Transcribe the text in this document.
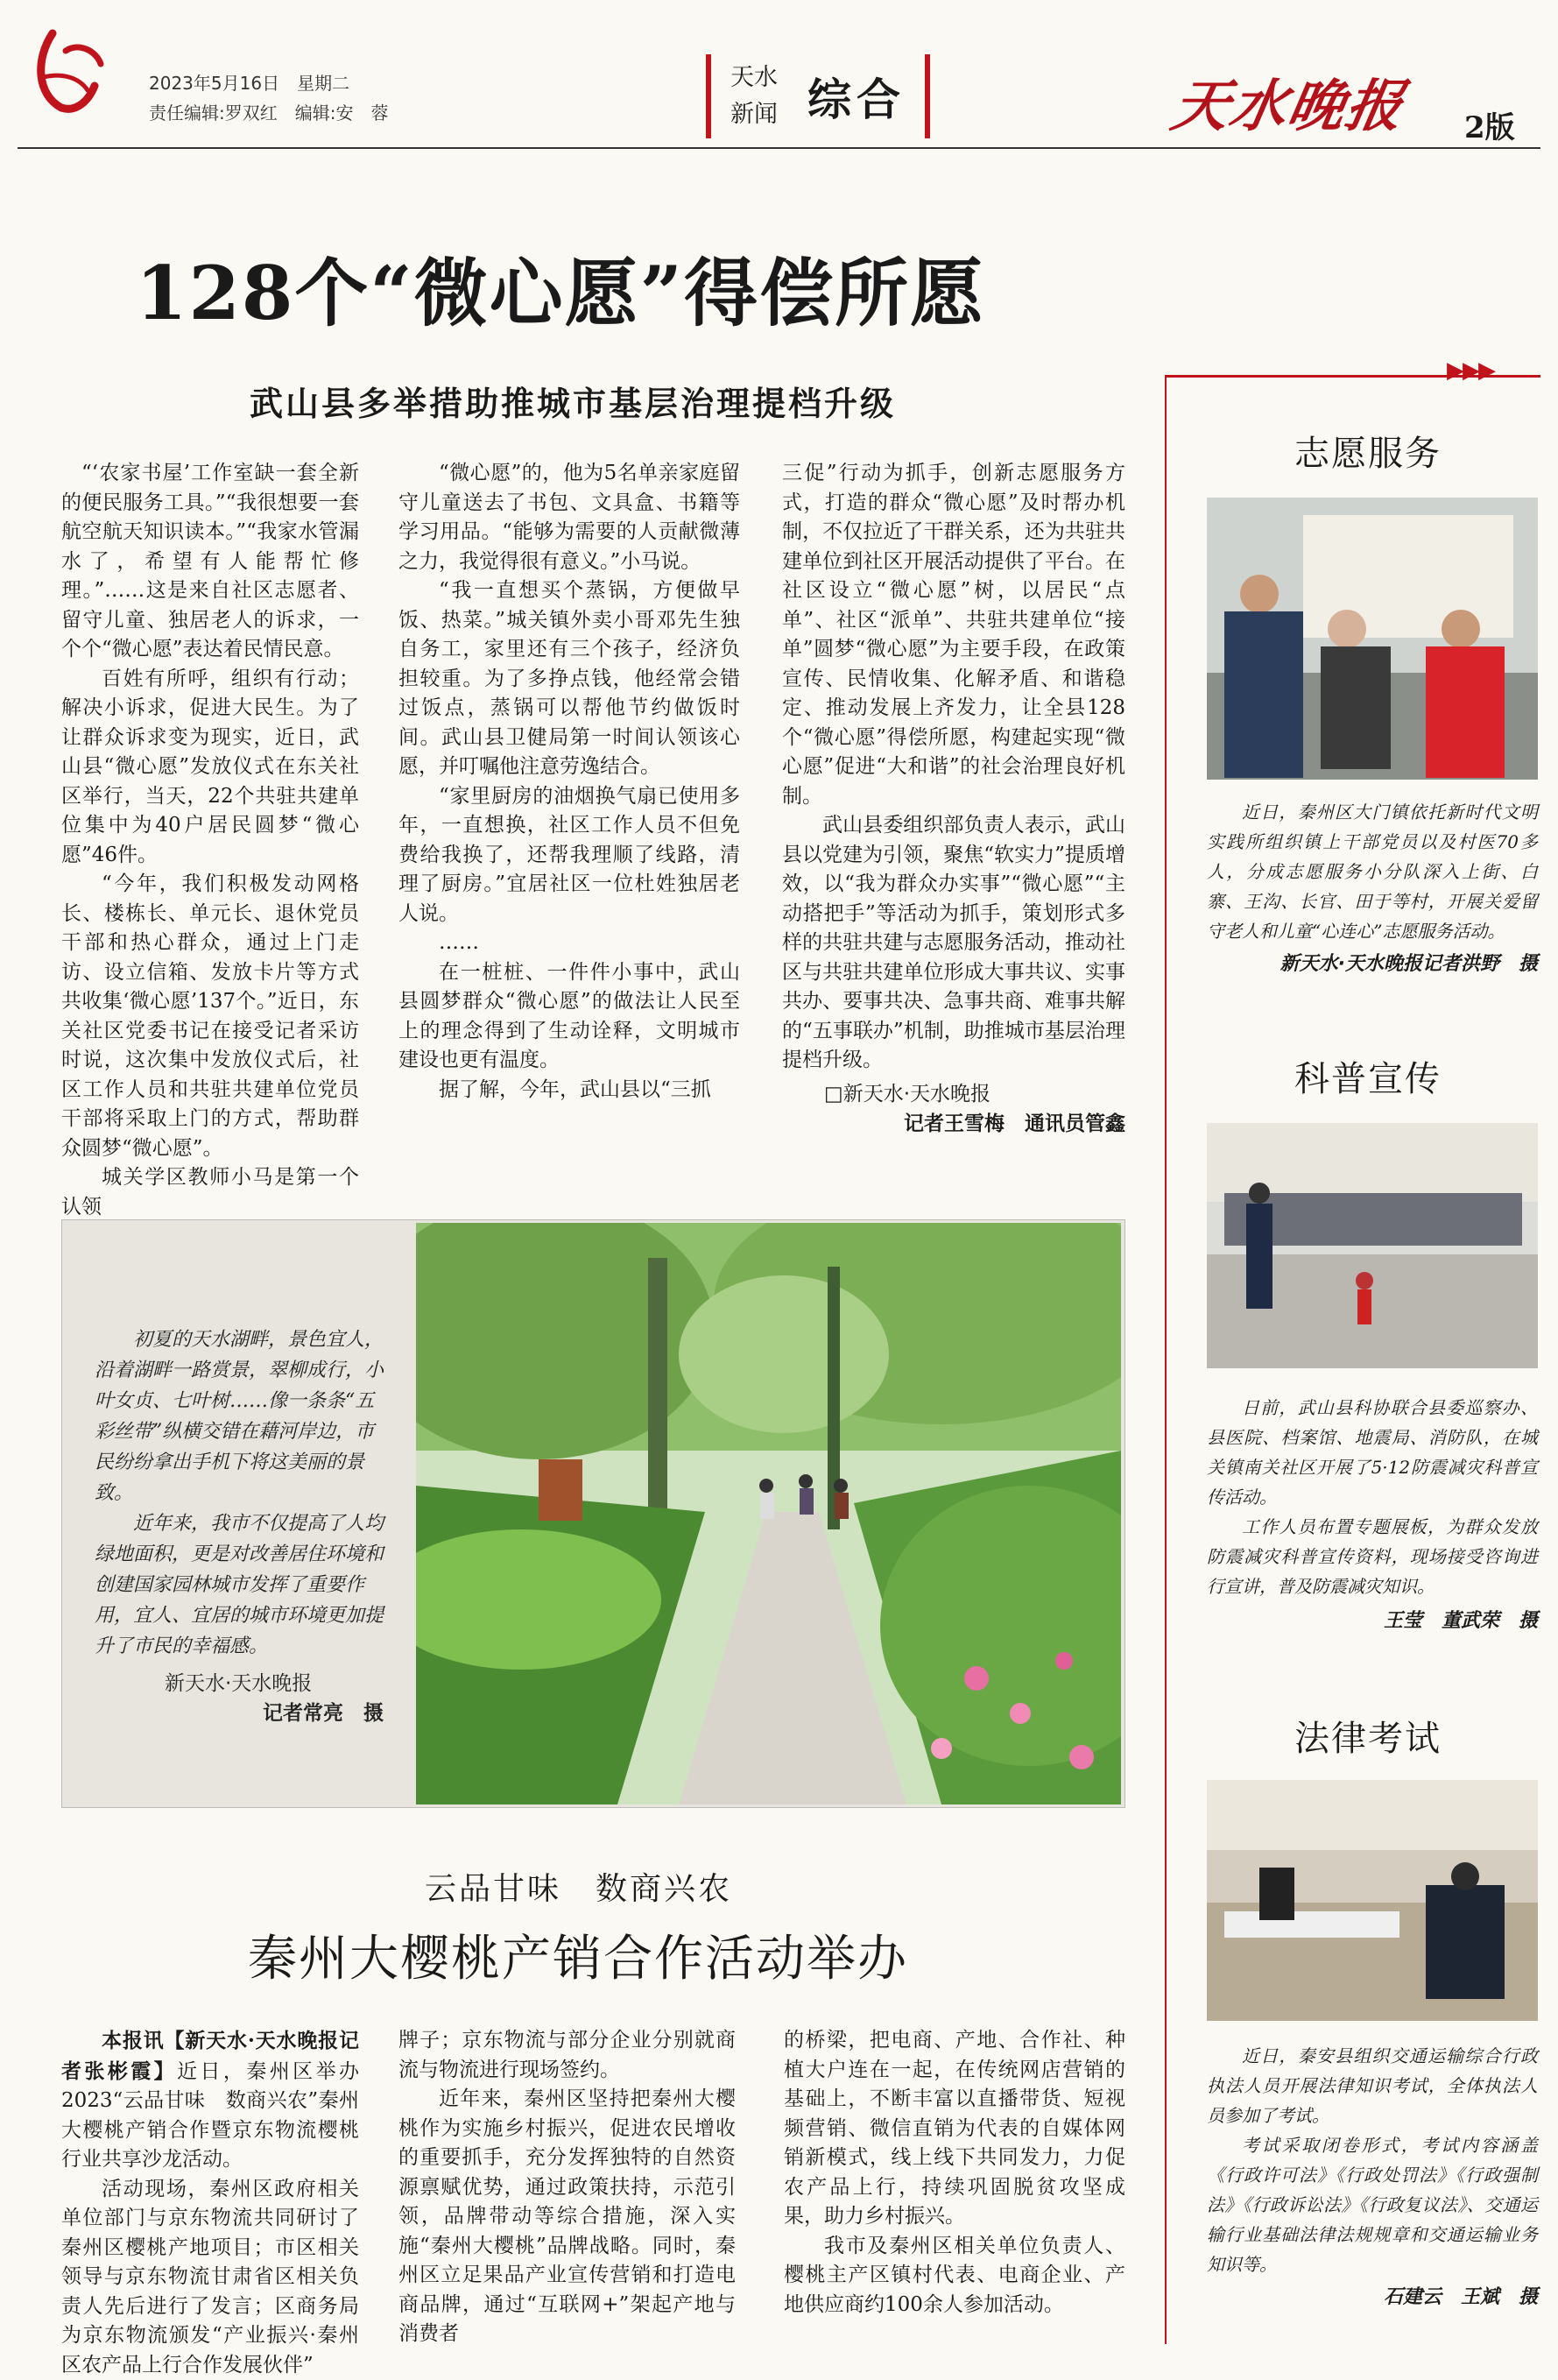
2023年5月16日　星期二
责任编辑:罗双红　编辑:安　蓉
天水新闻 综合	天水晚报 2版
128个“微心愿”得偿所愿
武山县多举措助推城市基层治理提档升级

“‘农家书屋’工作室缺一套全新的便民服务工具。”“我很想要一套航空航天知识读本。”“我家水管漏水了，希望有人能帮忙修理。”……这是来自社区志愿者、留守儿童、独居老人的诉求，一个个“微心愿”表达着民情民意。

百姓有所呼，组织有行动；解决小诉求，促进大民生。为了让群众诉求变为现实，近日，武山县“微心愿”发放仪式在东关社区举行，当天，22个共驻共建单位集中为40户居民圆梦“微心愿”46件。

“今年，我们积极发动网格长、楼栋长、单元长、退休党员干部和热心群众，通过上门走访、设立信箱、发放卡片等方式共收集‘微心愿’137个。”近日，东关社区党委书记在接受记者采访时说，这次集中发放仪式后，社区工作人员和共驻共建单位党员干部将采取上门的方式，帮助群众圆梦“微心愿”。

城关学区教师小马是第一个认领

“微心愿”的，他为5名单亲家庭留守儿童送去了书包、文具盒、书籍等学习用品。“能够为需要的人贡献微薄之力，我觉得很有意义。”小马说。

“我一直想买个蒸锅，方便做早饭、热菜。”城关镇外卖小哥邓先生独自务工，家里还有三个孩子，经济负担较重。为了多挣点钱，他经常会错过饭点，蒸锅可以帮他节约做饭时间。武山县卫健局第一时间认领该心愿，并叮嘱他注意劳逸结合。

“家里厨房的油烟换气扇已使用多年，一直想换，社区工作人员不但免费给我换了，还帮我理顺了线路，清理了厨房。”宜居社区一位杜姓独居老人说。

……

在一桩桩、一件件小事中，武山县圆梦群众“微心愿”的做法让人民至上的理念得到了生动诠释，文明城市建设也更有温度。

据了解，今年，武山县以“三抓

三促”行动为抓手，创新志愿服务方式，打造的群众“微心愿”及时帮办机制，不仅拉近了干群关系，还为共驻共建单位到社区开展活动提供了平台。在社区设立“微心愿”树，以居民“点单”、社区“派单”、共驻共建单位“接单”圆梦“微心愿”为主要手段，在政策宣传、民情收集、化解矛盾、和谐稳定、推动发展上齐发力，让全县128个“微心愿”得偿所愿，构建起实现“微心愿”促进“大和谐”的社会治理良好机制。

武山县委组织部负责人表示，武山县以党建为引领，聚焦“软实力”提质增效，以“我为群众办实事”“微心愿”“主动搭把手”等活动为抓手，策划形式多样的共驻共建与志愿服务活动，推动社区与共驻共建单位形成大事共议、实事共办、要事共决、急事共商、难事共解的“五事联办”机制，助推城市基层治理提档升级。

□新天水·天水晚报
记者王雪梅　通讯员管鑫

初夏的天水湖畔，景色宜人，沿着湖畔一路赏景，翠柳成行，小叶女贞、七叶树……像一条条“五彩丝带”纵横交错在藉河岸边，市民纷纷拿出手机下将这美丽的景致。

近年来，我市不仅提高了人均绿地面积，更是对改善居住环境和创建国家园林城市发挥了重要作用，宜人、宜居的城市环境更加提升了市民的幸福感。

新天水·天水晚报
记者常亮　摄
云品甘味　数商兴农
秦州大樱桃产销合作活动举办

本报讯【新天水·天水晚报记者张彬霞】近日，秦州区举办2023“云品甘味　数商兴农”秦州大樱桃产销合作暨京东物流樱桃行业共享沙龙活动。

活动现场，秦州区政府相关单位部门与京东物流共同研讨了秦州区樱桃产地项目；市区相关领导与京东物流甘肃省区相关负责人先后进行了发言；区商务局为京东物流颁发“产业振兴·秦州区农产品上行合作发展伙伴”

牌子；京东物流与部分企业分别就商流与物流进行现场签约。

近年来，秦州区坚持把秦州大樱桃作为实施乡村振兴，促进农民增收的重要抓手，充分发挥独特的自然资源禀赋优势，通过政策扶持，示范引领，品牌带动等综合措施，深入实施“秦州大樱桃”品牌战略。同时，秦州区立足果品产业宣传营销和打造电商品牌，通过“互联网+”架起产地与消费者

的桥梁，把电商、产地、合作社、种植大户连在一起，在传统网店营销的基础上，不断丰富以直播带货、短视频营销、微信直销为代表的自媒体网销新模式，线上线下共同发力，力促农产品上行，持续巩固脱贫攻坚成果，助力乡村振兴。

我市及秦州区相关单位负责人、樱桃主产区镇村代表、电商企业、产地供应商约100余人参加活动。

▶▶▶
志愿服务

近日，秦州区大门镇依托新时代文明实践所组织镇上干部党员以及村医70多人，分成志愿服务小分队深入上街、白寨、王沟、长官、田于等村，开展关爱留守老人和儿童“心连心”志愿服务活动。

新天水·天水晚报记者洪野　摄
科普宣传

日前，武山县科协联合县委巡察办、县医院、档案馆、地震局、消防队，在城关镇南关社区开展了5·12防震减灾科普宣传活动。

工作人员布置专题展板，为群众发放防震减灾科普宣传资料，现场接受咨询进行宣讲，普及防震减灾知识。

王莹　董武荣　摄
法律考试

近日，秦安县组织交通运输综合行政执法人员开展法律知识考试，全体执法人员参加了考试。

考试采取闭卷形式，考试内容涵盖《行政许可法》《行政处罚法》《行政强制法》《行政诉讼法》《行政复议法》、交通运输行业基础法律法规规章和交通运输业务知识等。

石建云　王斌　摄
